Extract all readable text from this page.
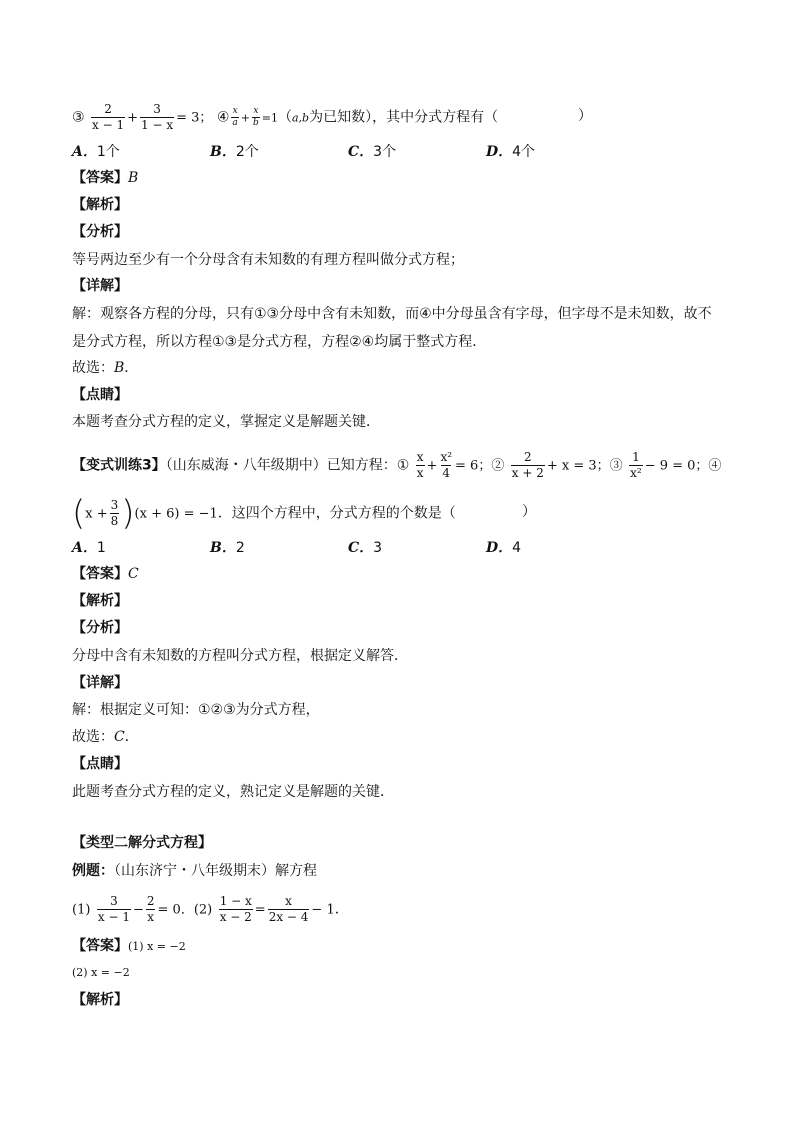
③ $\frac{2}{x - 1} + \frac{3}{1 - x} = 3$； ④ $\frac{x}{a} + \frac{x}{b} =1(a,b$为已知数），其中分式方程有（	）
A．1个	B．2个	C．3个	D．4个
【答案】B
【解析】
【分析】
等号两边至少有一个分母含有未知数的有理方程叫做分式方程；
【详解】
解：观察各方程的分母，只有①③分母中含有未知数，而④中分母虽含有字母，但字母不是未知数，故不
是分式方程，所以方程①③是分式方程，方程②④均属于整式方程．
故选：B．
【点睛】
本题考查分式方程的定义，掌握定义是解题关键．
【变式训练3】（山东威海・八年级期中）已知方程：① $\frac{x}{x} + \frac{\text{x²}}{4} = 6$；② $\frac{2}{x + 2} + x = 3$；③ $\frac{1}{\text{x²}} - 9 = 0$；④
$(x + \frac{3}{8} )(x + 6) = -1$．这四个方程中，分式方程的个数是（	）
A．1	B．2	C．3	D．4
【答案】C
【解析】
【分析】
分母中含有未知数的方程叫分式方程，根据定义解答．
【详解】
解：根据定义可知：①②③为分式方程，
故选：C．
【点睛】
此题考查分式方程的定义，熟记定义是解题的关键．
【类型二解分式方程】
例题：（山东济宁・八年级期末）解方程
$(1) \frac{3}{x - 1} - \frac{2}{x} = 0$．$(2) \frac{1 - x}{x - 2} = \frac{x}{2x - 4} - 1$．
【答案】(1) x = −2
(2) x = −2
【解析】
